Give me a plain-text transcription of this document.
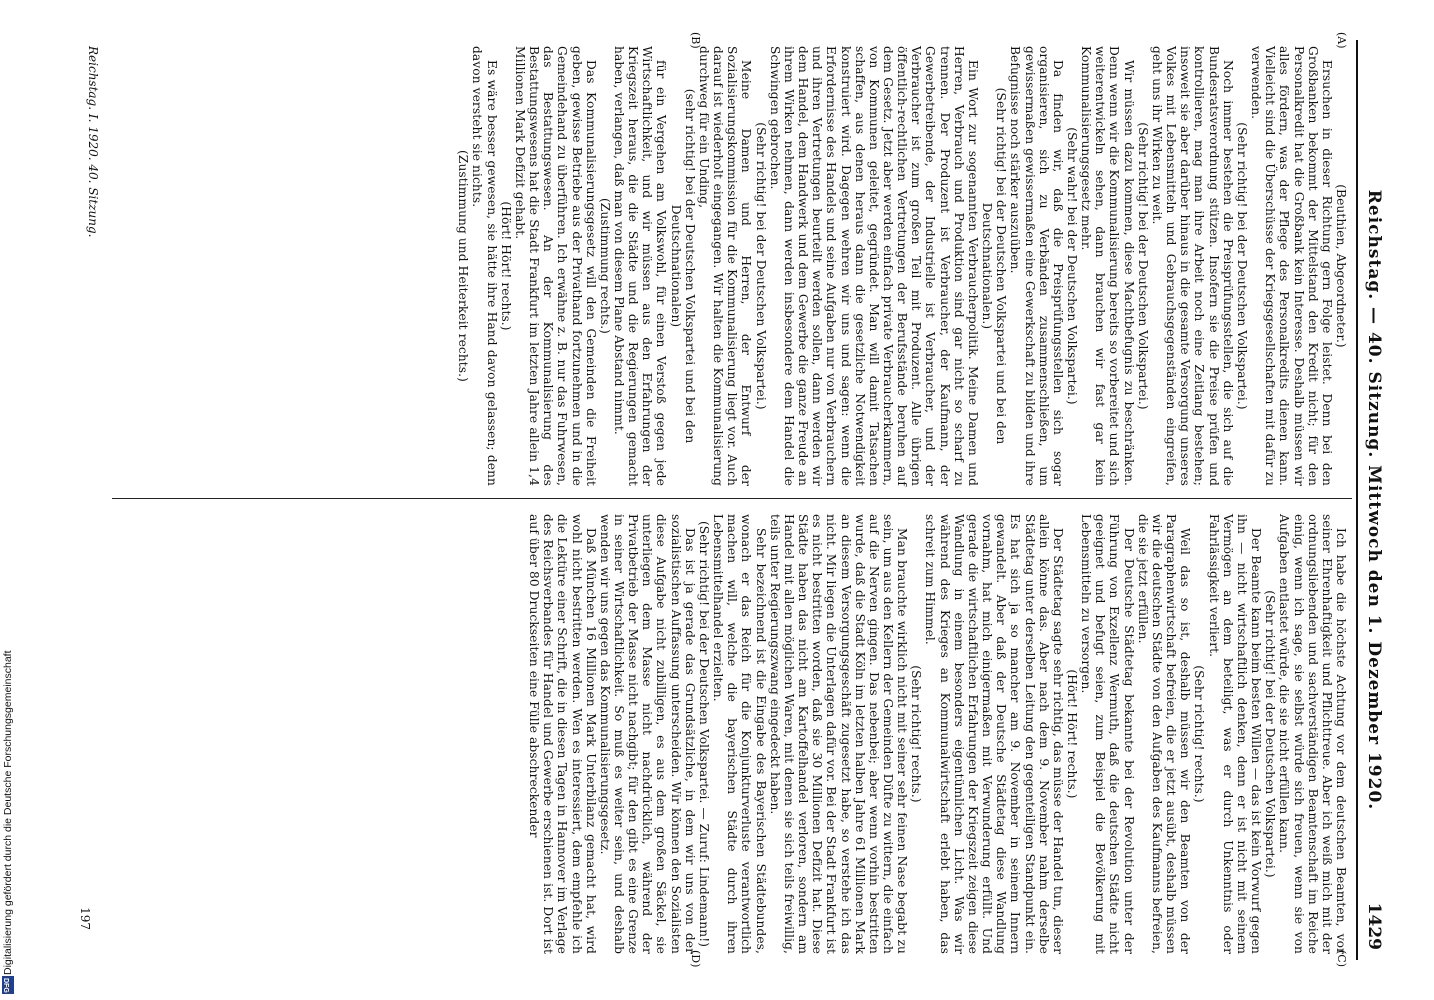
DFG
Digitalisierung gefördert durch die Deutsche Forschungsgemeinschaft
Reichstag. — 40. Sitzung. Mittwoch den 1. Dezember 1920.
1429
(A)
(B)
(C)
(D)

(Beuthien, Abgeordneter.)

Ersuchen in dieser Richtung gern Folge leistet. Denn bei den Großbanken bekommt der Mittelstand den Kredit nicht; für den Personalkredit hat die Großbank kein Interesse. Deshalb müssen wir alles fördern, was der Pflege des Personalkredits dienen kann. Vielleicht sind die Überschüsse der Kriegsgesellschaften mit dafür zu verwenden.

(Sehr richtig! bei der Deutschen Volkspartei.)

Noch immer bestehen die Preisprüfungsstellen, die sich auf die Bundesratsverordnung stützen. Insofern sie die Preise prüfen und kontrollieren, mag man ihre Arbeit noch eine Zeitlang bestehen; insoweit sie aber darüber hinaus in die gesamte Versorgung unseres Volkes mit Lebensmitteln und Gebrauchsgegenständen eingreifen, geht uns ihr Wirken zu weit.

(Sehr richtig! bei der Deutschen Volkspartei.)

Wir müssen dazu kommen, diese Machtbefugnis zu beschränken. Denn wenn wir die Kommunalisierung bereits so vorbereitet und sich weiterentwickeln sehen, dann brauchen wir fast gar kein Kommunalisierungsgesetz mehr.

(Sehr wahr! bei der Deutschen Volkspartei.)

Da finden wir, daß die Preisprüfungsstellen sich sogar organisieren, sich zu Verbänden zusammenschließen, um gewissermaßen gewissermaßen eine Gewerkschaft zu bilden und ihre Befugnisse noch stärker auszuüben.

(Sehr richtig! bei der Deutschen Volkspartei und bei den Deutschnationalen.)

Ein Wort zur sogenannten Verbraucherpolitik. Meine Damen und Herren, Verbrauch und Produktion sind gar nicht so scharf zu trennen. Der Produzent ist Verbraucher, der Kaufmann, der Gewerbetreibende, der Industrielle ist Verbraucher, und der Verbraucher ist zum großen Teil mit Produzent. Alle übrigen öffentlich-rechtlichen Vertretungen der Berufsstände beruhen auf dem Gesetz. Jetzt aber werden einfach private Verbraucherkammern, von Kommunen geleitet, gegründet. Man will damit Tatsachen schaffen, aus denen heraus dann die gesetzliche Notwendigkeit konstruiert wird. Dagegen wehren wir uns und sagen: wenn die Erfordernisse des Handels und seine Aufgaben nur von Verbrauchern und ihren Vertretungen beurteilt werden sollen, dann werden wir dem Handel, dem Handwerk und dem Gewerbe die ganze Freude an ihrem Wirken nehmen, dann werden insbesondere dem Handel die Schwingen gebrochen.

(Sehr richtig! bei der Deutschen Volkspartei.)

Meine Damen und Herren, der Entwurf der Sozialisierungskommission für die Kommunalisierung liegt vor. Auch darauf ist wiederholt eingegangen. Wir halten die Kommunalisierung durchweg für ein Unding,

(sehr richtig! bei der Deutschen Volkspartei und bei den Deutschnationalen)

für ein Vergehen am Volkswohl, für einen Verstoß gegen jede Wirtschaftlichkeit, und wir müssen aus den Erfahrungen der Kriegszeit heraus, die die Städte und die Regierungen gemacht haben, verlangen, daß man von diesem Plane Abstand nimmt.

(Zustimmung rechts.)

Das Kommunalisierungsgesetz will den Gemeinden die Freiheit geben, gewisse Betriebe aus der Privathand fortzunehmen und in die Gemeindehand zu überführen. Ich erwähne z. B. nur das Fuhrwesen, das Bestattungswesen. An der Kommunalisierung des Bestattungswesens hat die Stadt Frankfurt im letzten Jahre allein 1,4 Millionen Mark Defizit gehabt.

(Hört! Hört! rechts.)

Es wäre besser gewesen, sie hätte ihre Hand davon gelassen; denn davon versteht sie nichts.

(Zustimmung und Heiterkeit rechts.)

Ich habe die höchste Achtung vor dem deutschen Beamten, vor seiner Ehrenhaftigkeit und Pflichttreue. Aber ich weiß mich mit der ordnungsliebenden und sachverständigen Beamtenschaft im Reiche einig, wenn ich sage, sie selbst würde sich freuen, wenn sie von Aufgaben entlastet würde, die sie nicht erfüllen kann.

(Sehr richtig! bei der Deutschen Volkspartei.)

Der Beamte kann beim besten Willen — das ist kein Vorwurf gegen ihn — nicht wirtschaftlich denken, denn er ist nicht mit seinem Vermögen an dem beteiligt, was er durch Unkenntnis oder Fahrlässigkeit verliert.

(Sehr richtig! rechts.)

Weil das so ist, deshalb müssen wir den Beamten von der Paragraphenwirtschaft befreien, die er jetzt ausübt, deshalb müssen wir die deutschen Städte von den Aufgaben des Kaufmanns befreien, die sie jetzt erfüllen.

Der Deutsche Städtetag bekannte bei der Revolution unter der Führung von Exzellenz Wermuth, daß die deutschen Städte nicht geeignet und befugt seien, zum Beispiel die Bevölkerung mit Lebensmitteln zu versorgen.

(Hört! Hört! rechts.)

Der Städtetag sagte sehr richtig, das müsse der Handel tun, dieser allein könne das. Aber nach dem 9. November nahm derselbe Städtetag unter derselben Leitung den gegenteiligen Standpunkt ein. Es hat sich ja so mancher am 9. November in seinem Innern gewandelt. Aber daß der Deutsche Städtetag diese Wandlung vornahm, hat mich einigermaßen mit Verwunderung erfüllt. Und gerade die wirtschaftlichen Erfahrungen der Kriegszeit zeigen diese Wandlung in einem besonders eigentümlichen Licht. Was wir während des Krieges an Kommunalwirtschaft erlebt haben, das schreit zum Himmel.

(Sehr richtig! rechts.)

Man brauchte wirklich nicht mit seiner sehr feinen Nase begabt zu sein, um aus den Kellern der Gemeinden Düfte zu wittern, die einfach auf die Nerven gingen. Das nebenbei; aber wenn vorhin bestritten wurde, daß die Stadt Köln im letzten halben Jahre 61 Millionen Mark an diesem Versorgungsgeschäft zugesetzt habe, so verstehe ich das nicht. Mir liegen die Unterlagen dafür vor. Bei der Stadt Frankfurt ist es nicht bestritten worden, daß sie 30 Millionen Defizit hat. Diese Städte haben das nicht am Kartoffelhandel verloren, sondern am Handel mit allen möglichen Waren, mit denen sie sich teils freiwillig, teils unter Regierungszwang eingedeckt haben.

Sehr bezeichnend ist die Eingabe des Bayerischen Städtebundes, wonach er das Reich für die Konjunkturverluste verantwortlich machen will, welche die bayerischen Städte durch ihren Lebensmittelhandel erzielten.

(Sehr richtig! bei der Deutschen Volkspartei. — Zuruf: Lindemann!)

Das ist ja gerade das Grundsätzliche, in dem wir uns von der sozialistischen Auffassung unterscheiden. Wir können den Sozialisten diese Aufgabe nicht zubilligen, es aus dem großen Säckel, sie unterliegen dem Masse nicht nachdrücklich, während der Privatbetrieb der Masse nicht nachgibt; für den gibt es eine Grenze in seiner Wirtschaftlichkeit. So muß es weiter sein, und deshalb wenden wir uns gegen das Kommunalisierungsgesetz.

Daß München 16 Millionen Mark Unterbilanz gemacht hat, wird wohl nicht bestritten werden. Wen es interessiert, dem empfehle ich die Lektüre einer Schrift, die in diesen Tagen in Hannover im Verlage des Reichsverbandes für Handel und Gewerbe erschienen ist. Dort ist auf über 80 Druckseiten eine Fülle abschreckender

Reichstag. I. 1920. 40. Sitzung.
197
